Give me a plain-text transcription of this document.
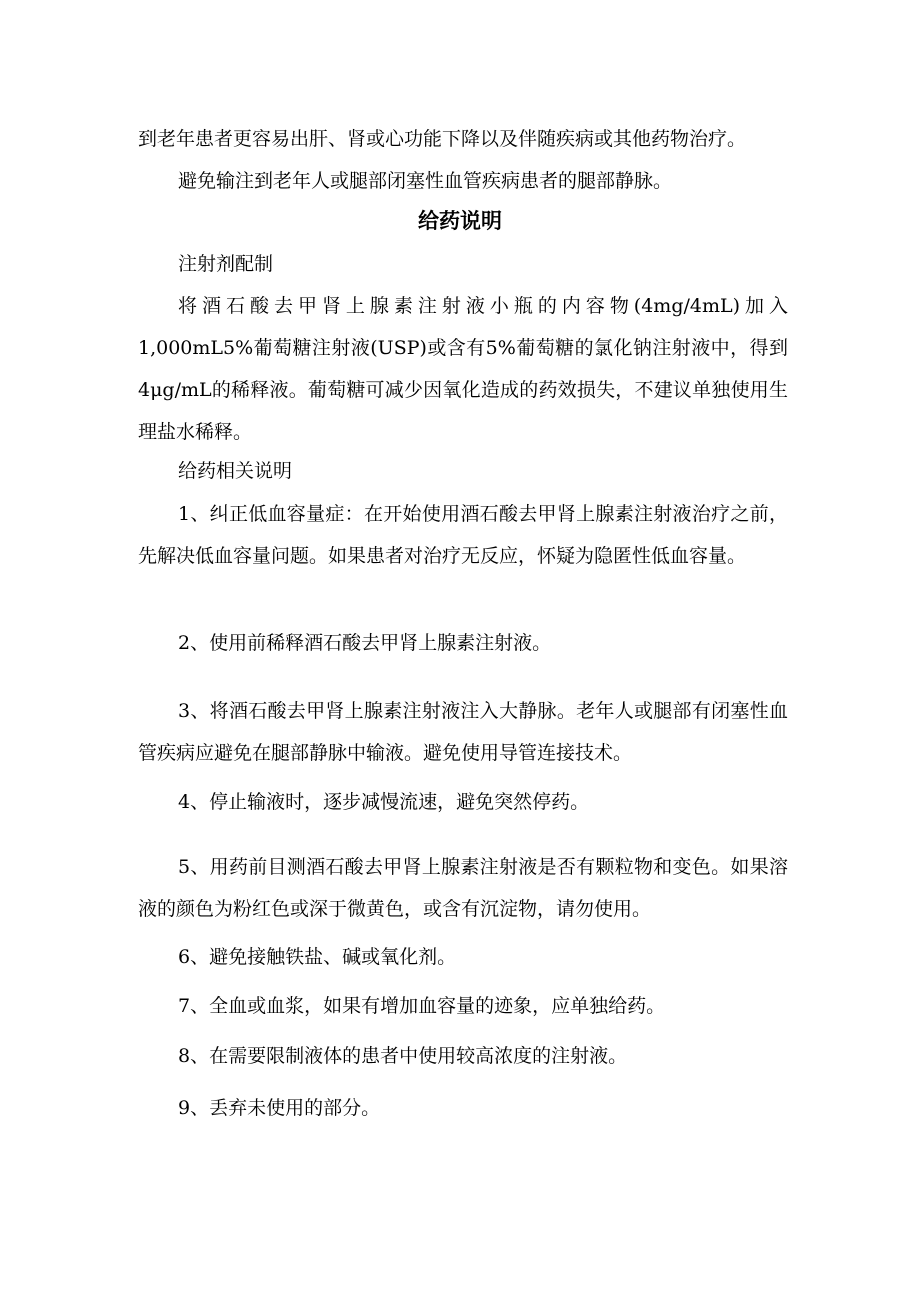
到老年患者更容易出肝、肾或心功能下降以及伴随疾病或其他药物治疗。

避免输注到老年人或腿部闭塞性血管疾病患者的腿部静脉。

给药说明

注射剂配制

将酒石酸去甲肾上腺素注射液小瓶的内容物(4mg/4mL)加入1,000mL5%葡萄糖注射液(USP)或含有5%葡萄糖的氯化钠注射液中，得到4μg/mL的稀释液。葡萄糖可减少因氧化造成的药效损失，不建议单独使用生理盐水稀释。

给药相关说明

1、纠正低血容量症：在开始使用酒石酸去甲肾上腺素注射液治疗之前，先解决低血容量问题。如果患者对治疗无反应，怀疑为隐匿性低血容量。

2、使用前稀释酒石酸去甲肾上腺素注射液。

3、将酒石酸去甲肾上腺素注射液注入大静脉。老年人或腿部有闭塞性血管疾病应避免在腿部静脉中输液。避免使用导管连接技术。

4、停止输液时，逐步减慢流速，避免突然停药。

5、用药前目测酒石酸去甲肾上腺素注射液是否有颗粒物和变色。如果溶液的颜色为粉红色或深于微黄色，或含有沉淀物，请勿使用。

6、避免接触铁盐、碱或氧化剂。

7、全血或血浆，如果有增加血容量的迹象，应单独给药。

8、在需要限制液体的患者中使用较高浓度的注射液。

9、丢弃未使用的部分。
